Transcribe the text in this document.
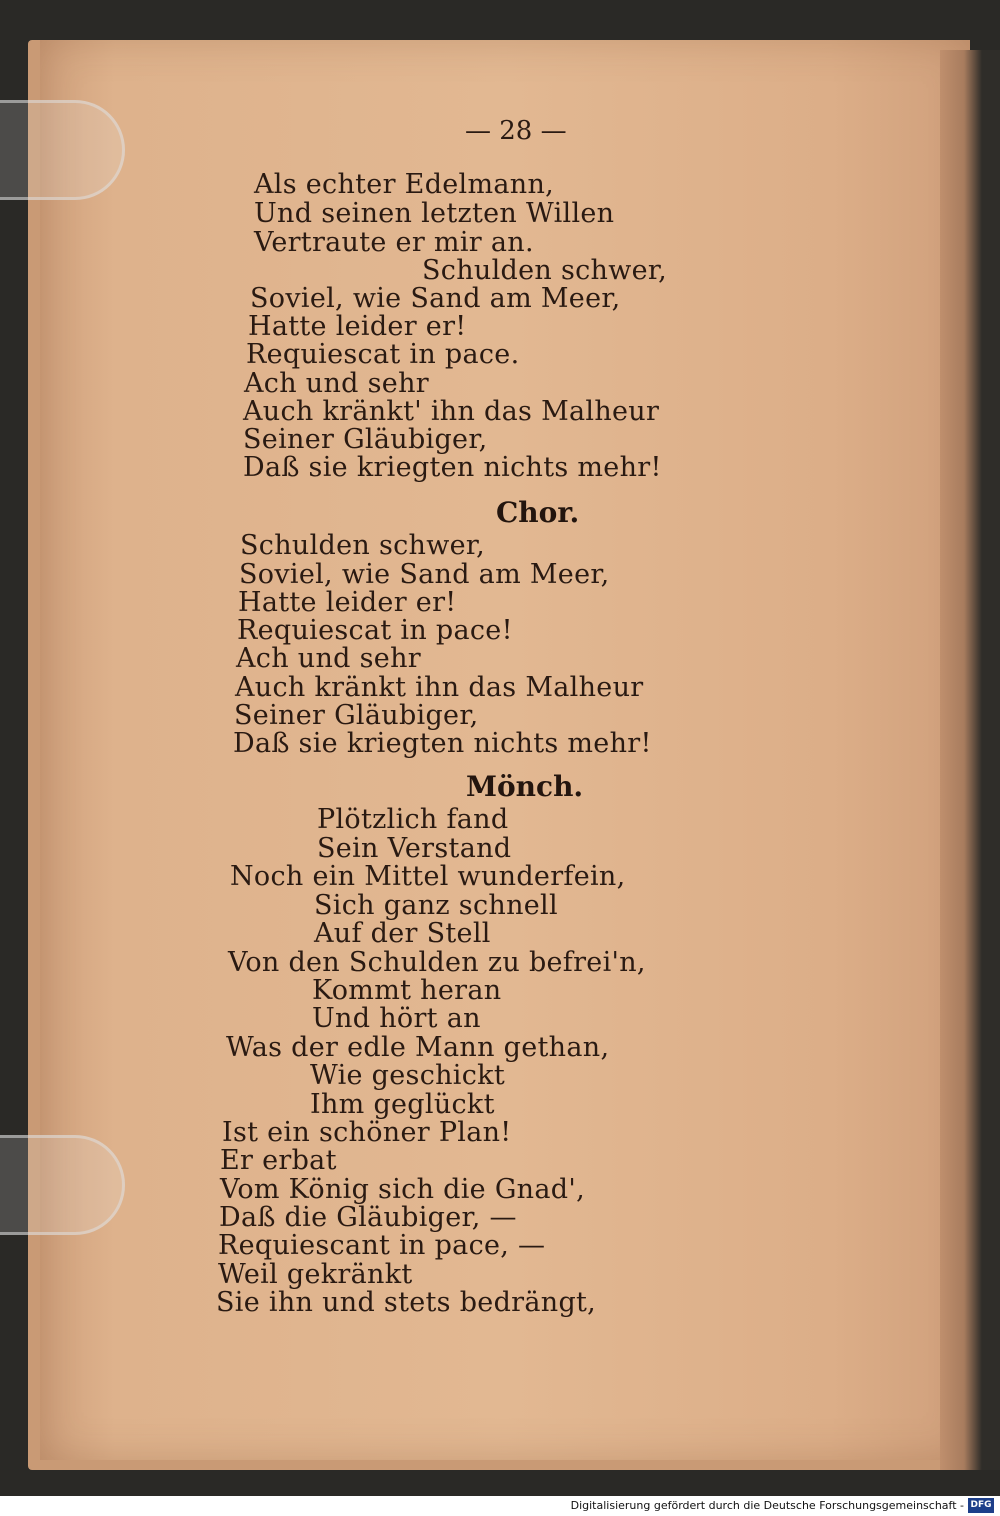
— 28 —
Als echter Edelmann,
Und seinen letzten Willen
Vertraute er mir an.
Schulden schwer,
Soviel, wie Sand am Meer,
Hatte leider er!
Requiescat in pace.
Ach und sehr
Auch kränkt' ihn das Malheur
Seiner Gläubiger,
Daß sie kriegten nichts mehr!
Chor.
Schulden schwer,
Soviel, wie Sand am Meer,
Hatte leider er!
Requiescat in pace!
Ach und sehr
Auch kränkt ihn das Malheur
Seiner Gläubiger,
Daß sie kriegten nichts mehr!
Mönch.
Plötzlich fand
Sein Verstand
Noch ein Mittel wunderfein,
Sich ganz schnell
Auf der Stell
Von den Schulden zu befrei'n,
Kommt heran
Und hört an
Was der edle Mann gethan,
Wie geschickt
Ihm geglückt
Ist ein schöner Plan!
Er erbat
Vom König sich die Gnad',
Daß die Gläubiger, —
Requiescant in pace, —
Weil gekränkt
Sie ihn und stets bedrängt,
Digitalisierung gefördert durch die Deutsche Forschungsgemeinschaft - DFG
